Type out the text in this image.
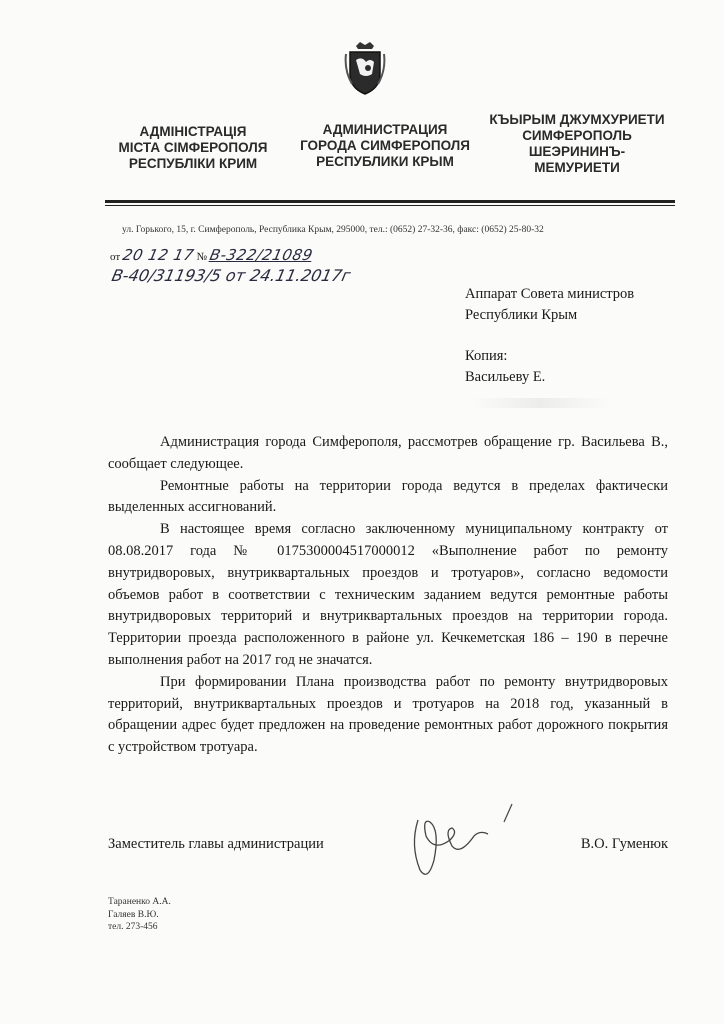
АДМІНІСТРАЦІЯ
МІСТА СІМФЕРОПОЛЯ
РЕСПУБЛІКИ КРИМ
АДМИНИСТРАЦИЯ
ГОРОДА СИМФЕРОПОЛЯ
РЕСПУБЛИКИ КРЫМ
КЪЫРЫМ ДЖУМХУРИЕТИ
СИМФЕРОПОЛЬ
ШЕЭРИНИНЪ-
МЕМУРИЕТИ
ул. Горького, 15, г. Симферополь, Республика Крым, 295000, тел.: (0652) 27-32-36, факс: (0652) 25-80-32
от 20 12 17 № В-322/21089
В-40/31193/5 от 24.11.2017г
Аппарат Совета министров
Республики Крым
Копия:
Васильеву Е.

Администрация города Симферополя, рассмотрев обращение гр. Васильева В., сообщает следующее.

Ремонтные работы на территории города ведутся в пределах фактически выделенных ассигнований.

В настоящее время согласно заключенному муниципальному контракту от 08.08.2017 года № 0175300004517000012 «Выполнение работ по ремонту внутридворовых, внутриквартальных проездов и тротуаров», согласно ведомости объемов работ в соответствии с техническим заданием ведутся ремонтные работы внутридворовых территорий и внутриквартальных проездов на территории города. Территории проезда расположенного в районе ул. Кечкеметская 186 – 190 в перечне выполнения работ на 2017 год не значатся.

При формировании Плана производства работ по ремонту внутридворовых территорий, внутриквартальных проездов и тротуаров на 2018 год, указанный в обращении адрес будет предложен на проведение ремонтных работ дорожного покрытия с устройством тротуара.

Заместитель главы администрации	В.О. Гуменюк
Тараненко А.А.
Галяев В.Ю.
тел. 273-456
